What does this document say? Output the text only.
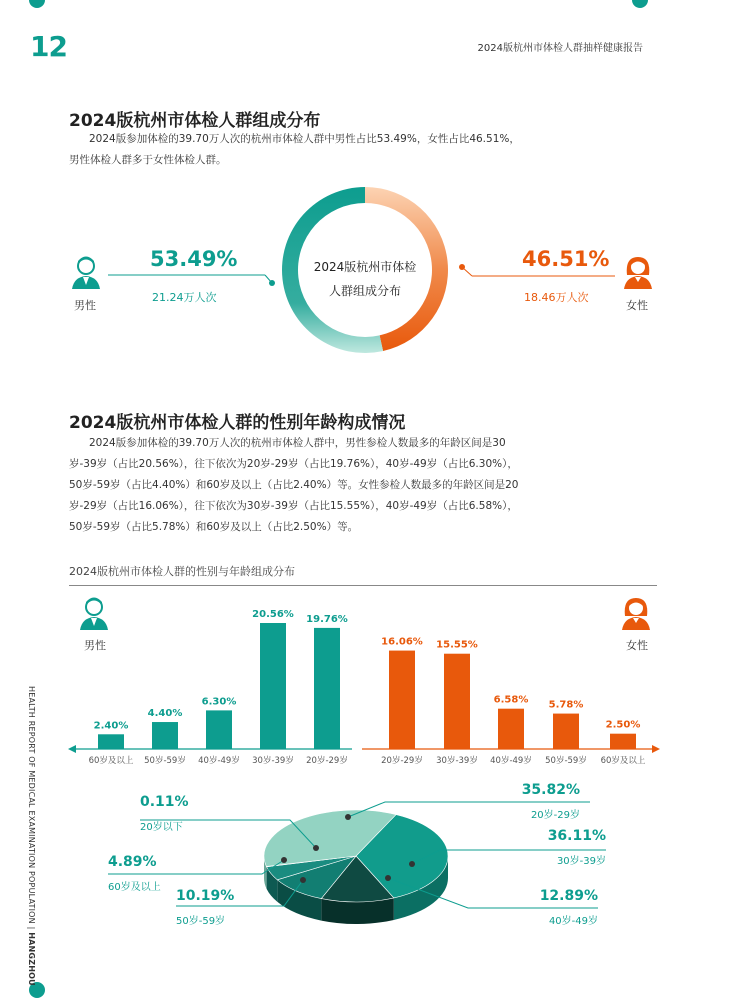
12	2024版杭州市体检人群抽样健康报告
2024版杭州市体检人群组成分布
2024版参加体检的39.70万人次的杭州市体检人群中男性占比53.49%，女性占比46.51%，男性体检人群多于女性体检人群。
2024版杭州市体检
人群组成分布
53.49%
21.24万人次
男性
46.51%
18.46万人次
女性
2024版杭州市体检人群的性别年龄构成情况
2024版参加体检的39.70万人次的杭州市体检人群中，男性参检人数最多的年龄区间是30岁-39岁（占比20.56%），往下依次为20岁-29岁（占比19.76%），40岁-49岁（占比6.30%），50岁-59岁（占比4.40%）和60岁及以上（占比2.40%）等。女性参检人数最多的年龄区间是20岁-29岁（占比16.06%），往下依次为30岁-39岁（占比15.55%），40岁-49岁（占比6.58%），50岁-59岁（占比5.78%）和60岁及以上（占比2.50%）等。
2024版杭州市体检人群的性别与年龄组成分布
2.40%
60岁及以上
4.40%
50岁-59岁
6.30%
40岁-49岁
20.56%
30岁-39岁
19.76%
20岁-29岁
16.06%
20岁-29岁
15.55%
30岁-39岁
6.58%
40岁-49岁
5.78%
50岁-59岁
2.50%
60岁及以上
男性	女性
0.11%
20岁以下
35.82%
20岁-29岁
36.11%
30岁-39岁
4.89%
60岁及以上
10.19%
50岁-59岁
12.89%
40岁-49岁
HEALTH REPORT OF MEDICAL EXAMINATION POPULATION | HANGZHOU
